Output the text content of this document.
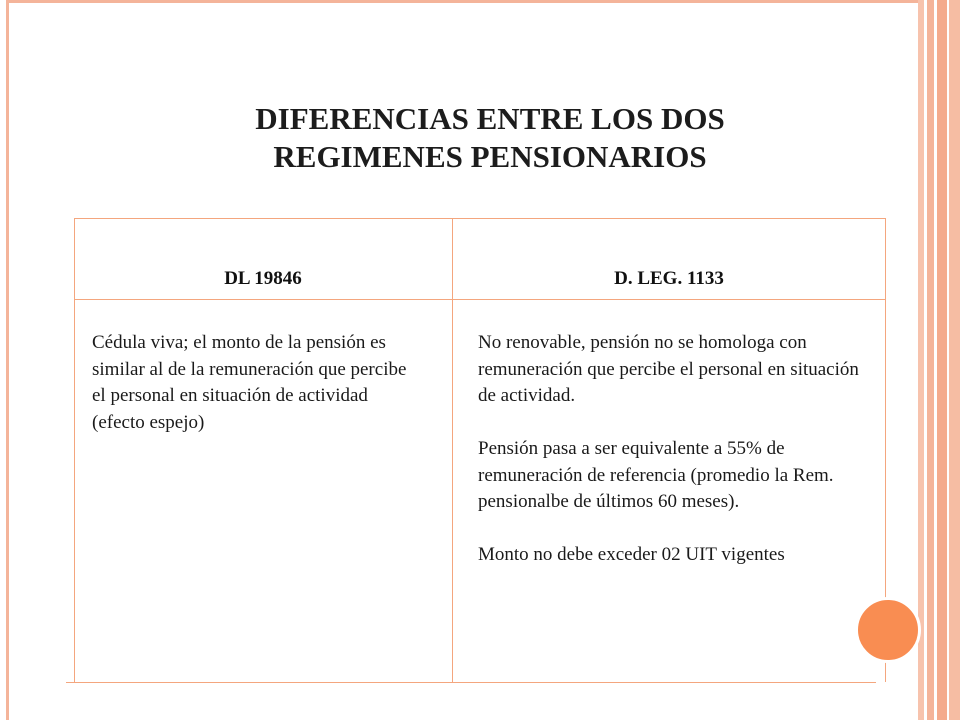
DIFERENCIAS ENTRE LOS DOS
REGIMENES PENSIONARIOS
DL 19846	D. LEG. 1133

Cédula viva; el monto de la pensión es similar al de la remuneración que percibe el personal en situación de actividad (efecto espejo)

No renovable, pensión no se homologa con remuneración que percibe el personal en situación de actividad.

Pensión pasa a ser equivalente a 55% de remuneración de referencia (promedio la Rem. pensionalbe de últimos 60 meses).

Monto no debe exceder 02 UIT vigentes
